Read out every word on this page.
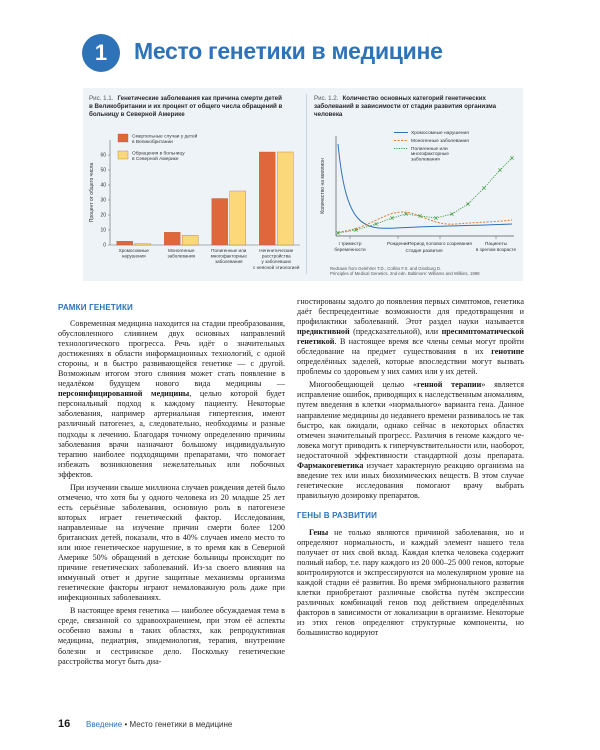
1	Место генетики в медицине
Рис. 1.1. Генетические заболевания как причина смерти детей в Великобритании и их процент от общего числа обращений в больницу в Северной Америке
0
10
20
30
40
50
60
Процент от общего числа
Хромосомные
нарушения
Моногенные
заболевания
Полигенные или
многофакторные
заболевания
Негенетические
расстройства
у заболевших
с неясной этиологией
Смертельные случаи у детей
в Великобритании
Обращения в больницу
в Северной Америке
Рис. 1.2. Количество основных категорий генетических заболеваний в зависимости от стадии развития организма человека
Количество на миллион
Хромосомные нарушения
Моногенные заболевания
Полигенные или
многофакторные
заболевания
I триместр
беременности
Рождение Период полового созревания	Пациенты
в зрелом возрасте
Стадия развития
Redrawn from Gelehrter T.D., Collins F.S. and Ginsburg D.
Principles of Medical Genetics. 2nd edn. Baltimore: Williams and Wilkins, 1998
РАМКИ ГЕНЕТИКИ

Современная медицина находится на стадии преобразования, обусловленного слиянием двух основных направлений технологического прогресса. Речь идёт о значительных достижениях в области информационных технологий, с одной стороны, и в быстро развивающейся генетике — с другой. Возможным итогом этого слияния может стать появление в недалёком будущем нового вида медицины — персонифицированной медицины, целью которой будет персональный подход к каждому пациенту. Некоторые заболевания, например артериальная гипертензия, имеют различный патогенез, а, следовательно, необходимы и разные подходы к лечению. Благодаря точному определению причины заболевания врачи назначают большому индивидуальную терапию наиболее подходящими препаратами, что помогает избежать возникновения нежелательных или побочных эффектов.

При изучении свыше миллиона случаев рождения детей было отмечено, что хотя бы у одного человека из 20 младше 25 лет есть серьёзные заболевания, основную роль в патогенезе которых играет генетический фактор. Исследования, направленные на изучение причин смерти более 1200 британских детей, показали, что в 40% случаев имело место то или иное генетическое нарушение, в то время как в Северной Америке 50% обращений в детские больницы происходит по причине генетических заболеваний. Из-за своего влияния на иммунный ответ и другие защитные механизмы организма генетические факторы играют немаловажную роль даже при инфекционных заболеваниях.

В настоящее время генетика — наиболее обсуждаемая тема в среде, связанной со здравоохранением, при этом её аспекты особенно важны в таких областях, как репродуктивная медицина, педиатрия, эпидемиология, терапия, внутренние болезни и сестринское дело. Поскольку генетические расстройства могут быть диа-

гностированы задолго до появления первых симптомов, генетика даёт беспрецедентные возможности для предотвращения и профилактики заболеваний. Этот раздел науки называется предиктивной (предсказательной), или пресимптоматической генетикой. В настоящее время все члены семьи могут пройти обследование на предмет существования в их генотипе определённых заделей, которые впоследствии могут вызвать проблемы со здоровьем у них самих или у их детей.

Многообещающей целью «генной терапии» является исправление ошибок, приводящих к наследственным аномалиям, путем введения в клетки «нормального» варианта гена. Данное направление медицины до недавнего времени развивалось не так быстро, как ожидали, однако сейчас в некоторых областях отмечен значительный прогресс. Различия в геноме каждого человека могут приводить к гиперчувствительности или, наоборот, недостаточной эффективности стандартной дозы препарата. Фармакогенетика изучает характерную реакцию организма на введение тех или иных биохимических веществ. В этом случае генетические исследования помогают врачу выбрать правильную дозировку препаратов.

ГЕНЫ В РАЗВИТИИ

Гены не только являются причиной заболевания, но и определяют нормальность, и каждый элемент нашего тела получает от них свой вклад. Каждая клетка человека содержит полный набор, т.е. пару каждого из 20 000–25 000 генов, которые контролируются и экспрессируются на молекулярном уровне на каждой стадии её развития. Во время эмбрионального развития клетки приобретают различные свойства путём экспрессии различных комбинаций генов под действием определённых факторов в зависимости от локализации в организме. Некоторые из этих генов определяют структурные компоненты, но большинство кодируют

16 Введение • Место генетики в медицине
